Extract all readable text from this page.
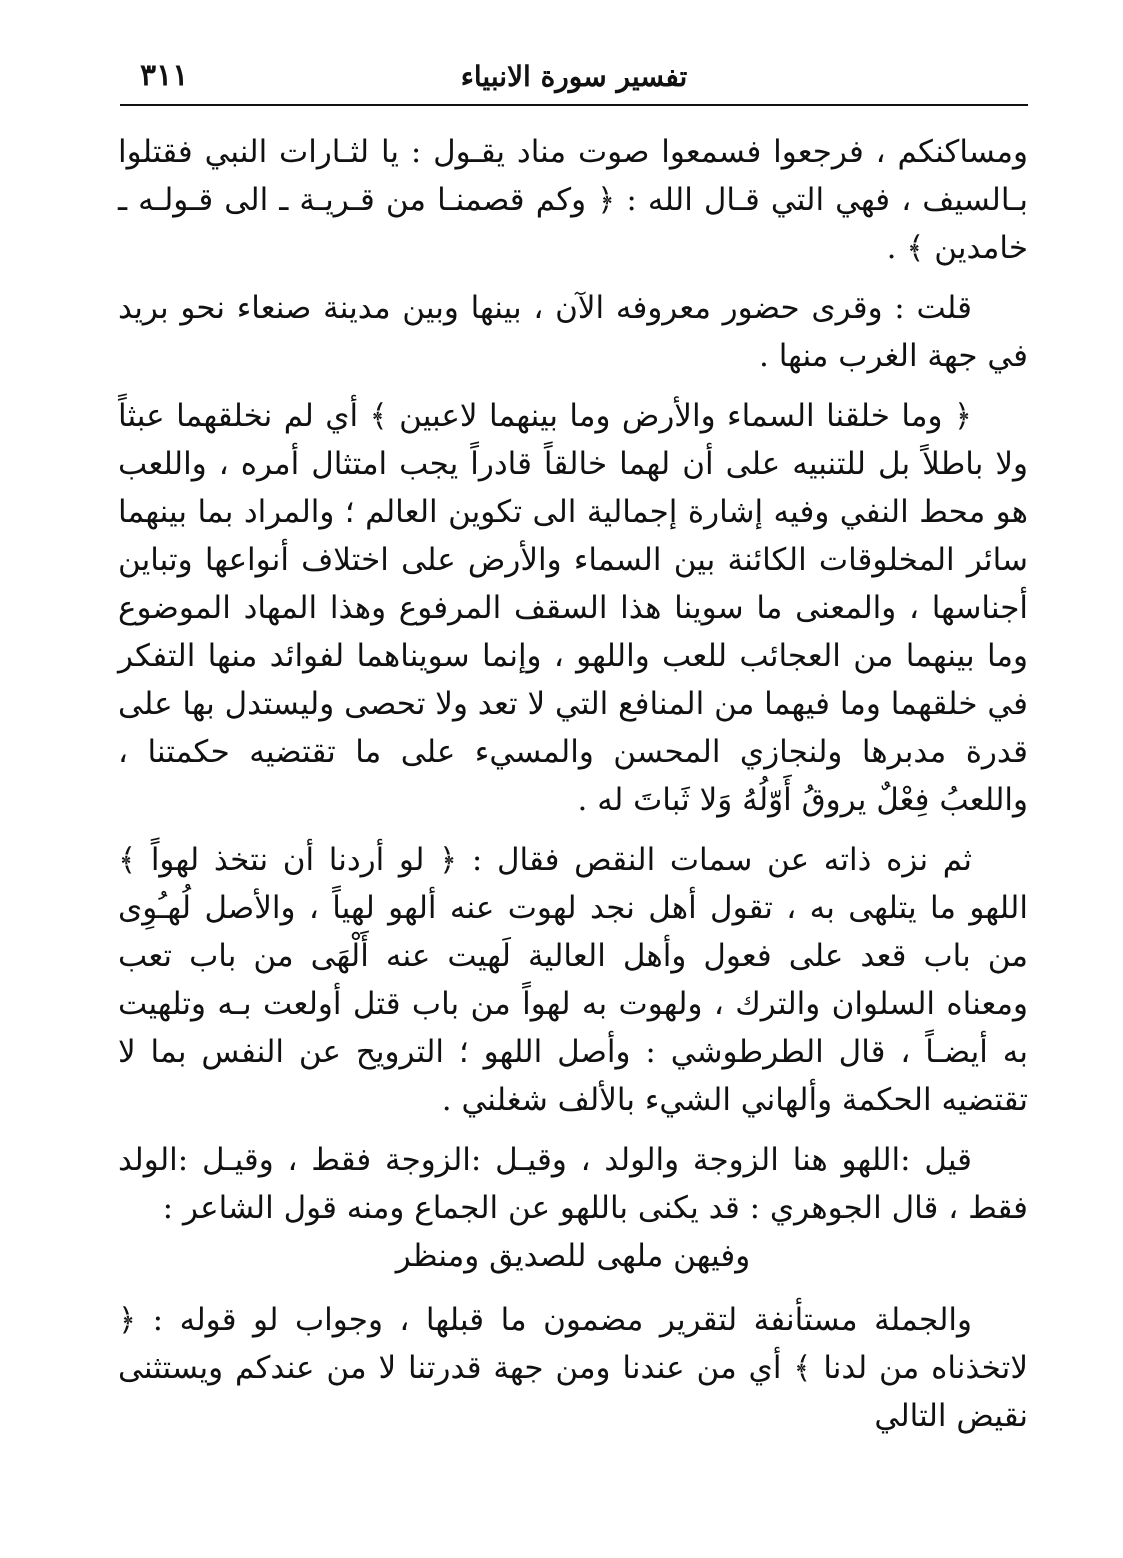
٣١١	تفسير سورة الانبياء

ومساكنكم ، فرجعوا فسمعوا صوت مناد يقـول : يا لثـارات النبي فقتلوا بـالسيف ، فهي التي قـال الله : ﴿ وكم قصمنـا من قـريـة ـ الى قـولـه ـ خامدين ﴾ .

قلت : وقرى حضور معروفه الآن ، بينها وبين مدينة صنعاء نحو بريد في جهة الغرب منها .

﴿ وما خلقنا السماء والأرض وما بينهما لاعبين ﴾ أي لم نخلقهما عبثاً ولا باطلاً بل للتنبيه على أن لهما خالقاً قادراً يجب امتثال أمره ، واللعب هو محط النفي وفيه إشارة إجمالية الى تكوين العالم ؛ والمراد بما بينهما سائر المخلوقات الكائنة بين السماء والأرض على اختلاف أنواعها وتباين أجناسها ، والمعنى ما سوينا هذا السقف المرفوع وهذا المهاد الموضوع وما بينهما من العجائب للعب واللهو ، وإنما سويناهما لفوائد منها التفكر في خلقهما وما فيهما من المنافع التي لا تعد ولا تحصى وليستدل بها على قدرة مدبرها ولنجازي المحسن والمسيء على ما تقتضيه حكمتنا ، واللعبُ فِعْلٌ يروقُ أَوّلُهُ وَلا ثَباتَ له .

ثم نزه ذاته عن سمات النقص فقال : ﴿ لو أردنا أن نتخذ لهواً ﴾ اللهو ما يتلهى به ، تقول أهل نجد لهوت عنه ألهو لهياً ، والأصل لُهـُوِى من باب قعد على فعول وأهل العالية لَهيت عنه أَلْهَى من باب تعب ومعناه السلوان والترك ، ولهوت به لهواً من باب قتل أولعت بـه وتلهيت به أيضـاً ، قال الطرطوشي : وأصل اللهو ؛ الترويح عن النفس بما لا تقتضيه الحكمة وألهاني الشيء بالألف شغلني .

قيل :اللهو هنا الزوجة والولد ، وقيـل :الزوجة فقط ، وقيـل :الولد فقط ، قال الجوهري : قد يكنى باللهو عن الجماع ومنه قول الشاعر :

وفيهن ملهى للصديق ومنظر

والجملة مستأنفة لتقرير مضمون ما قبلها ، وجواب لو قوله : ﴿ لاتخذناه من لدنا ﴾ أي من عندنا ومن جهة قدرتنا لا من عندكم ويستثنى نقيض التالي
